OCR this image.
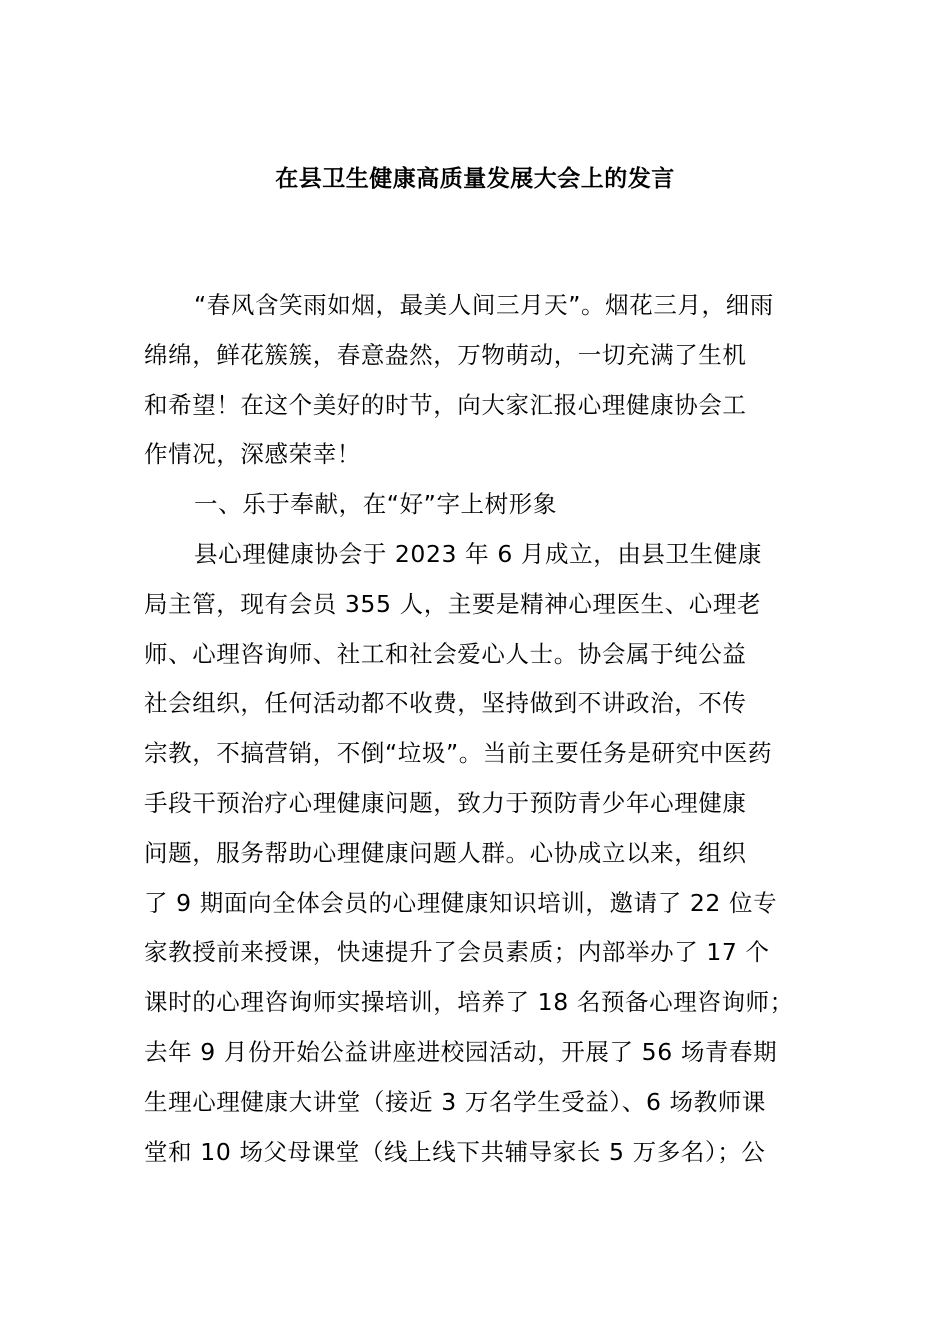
在县卫生健康高质量发展大会上的发言
“春风含笑雨如烟，最美人间三月天”。烟花三月，细雨
绵绵，鲜花簇簇，春意盎然，万物萌动，一切充满了生机
和希望！在这个美好的时节，向大家汇报心理健康协会工
作情况，深感荣幸！
一、乐于奉献，在“好”字上树形象
县心理健康协会于 2023 年 6 月成立，由县卫生健康
局主管，现有会员 355 人，主要是精神心理医生、心理老
师、心理咨询师、社工和社会爱心人士。协会属于纯公益
社会组织，任何活动都不收费，坚持做到不讲政治，不传
宗教，不搞营销，不倒“垃圾”。当前主要任务是研究中医药
手段干预治疗心理健康问题，致力于预防青少年心理健康
问题，服务帮助心理健康问题人群。心协成立以来，组织
了 9 期面向全体会员的心理健康知识培训，邀请了 22 位专
家教授前来授课，快速提升了会员素质；内部举办了 17 个
课时的心理咨询师实操培训，培养了 18 名预备心理咨询师；
去年 9 月份开始公益讲座进校园活动，开展了 56 场青春期
生理心理健康大讲堂（接近 3 万名学生受益）、6 场教师课
堂和 10 场父母课堂（线上线下共辅导家长 5 万多名）；公
